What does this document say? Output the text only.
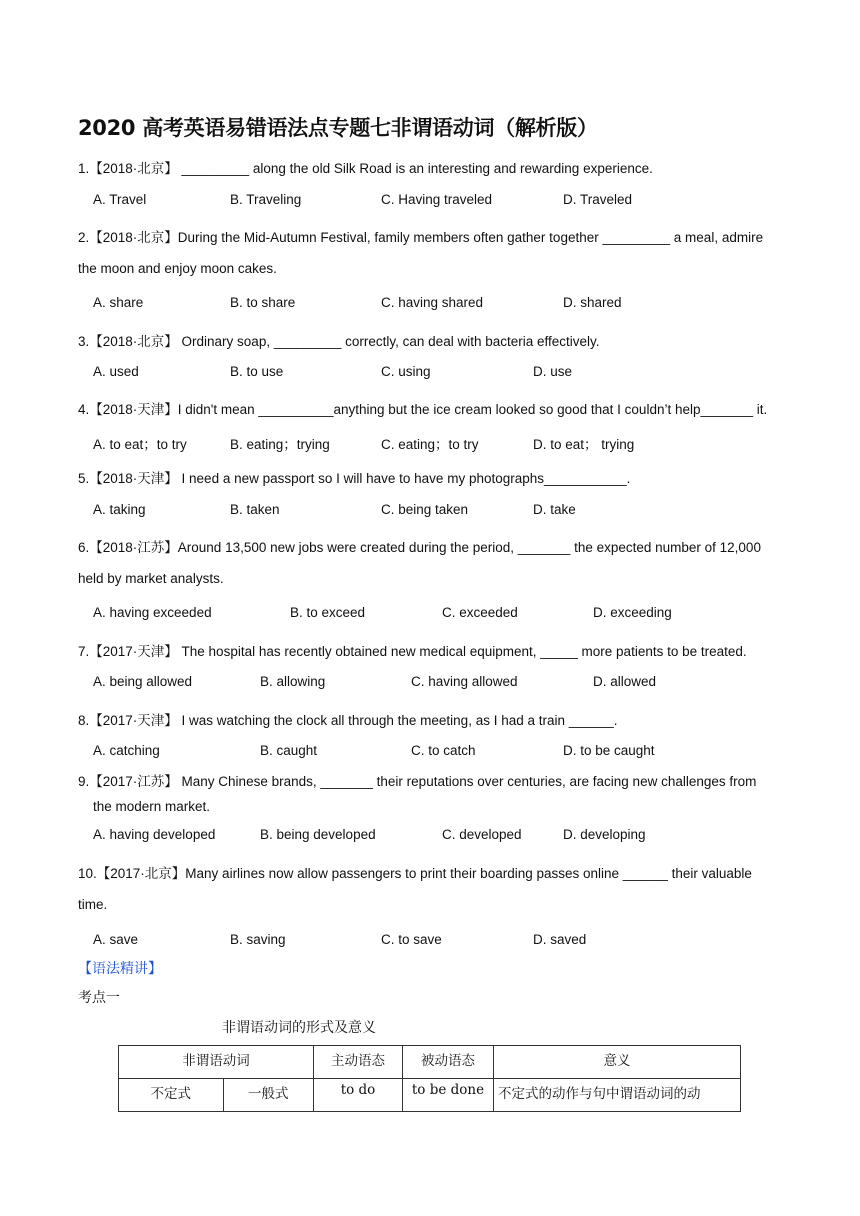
2020 高考英语易错语法点专题七非谓语动词（解析版）
1.【2018·北京】 _________ along the old Silk Road is an interesting and rewarding experience.
A. Travel	B. Traveling	C. Having traveled	D. Traveled
2.【2018·北京】During the Mid-Autumn Festival, family members often gather together _________ a meal, admire
the moon and enjoy moon cakes.
A. share	B. to share	C. having shared	D. shared
3.【2018·北京】 Ordinary soap, _________ correctly, can deal with bacteria effectively.
A. used	B. to use	C. using	D. use
4.【2018·天津】I didn't mean __________anything but the ice cream looked so good that I couldn’t help_______ it.
A. to eat；to try	B. eating；trying	C. eating；to try	D. to eat； trying
5.【2018·天津】 I need a new passport so I will have to have my photographs___________.
A. taking	B. taken	C. being taken	D. take
6.【2018·江苏】Around 13,500 new jobs were created during the period, _______ the expected number of 12,000
held by market analysts.
A. having exceeded	B. to exceed	C. exceeded	D. exceeding
7.【2017·天津】 The hospital has recently obtained new medical equipment, _____ more patients to be treated.
A. being allowed	B. allowing	C. having allowed	D. allowed
8.【2017·天津】 I was watching the clock all through the meeting, as I had a train ______.
A. catching	B. caught	C. to catch	D. to be caught
9.【2017·江苏】 Many Chinese brands, _______ their reputations over centuries, are facing new challenges from
the modern market.
A. having developed	B. being developed	C. developed	D. developing
10.【2017·北京】Many airlines now allow passengers to print their boarding passes online ______ their valuable
time.
A. save	B. saving	C. to save	D. saved
【语法精讲】
考点一
非谓语动词的形式及意义
非谓语动词		主动语态	被动语态	意义
不定式	一般式	to do	to be done	不定式的动作与句中谓语动词的动
